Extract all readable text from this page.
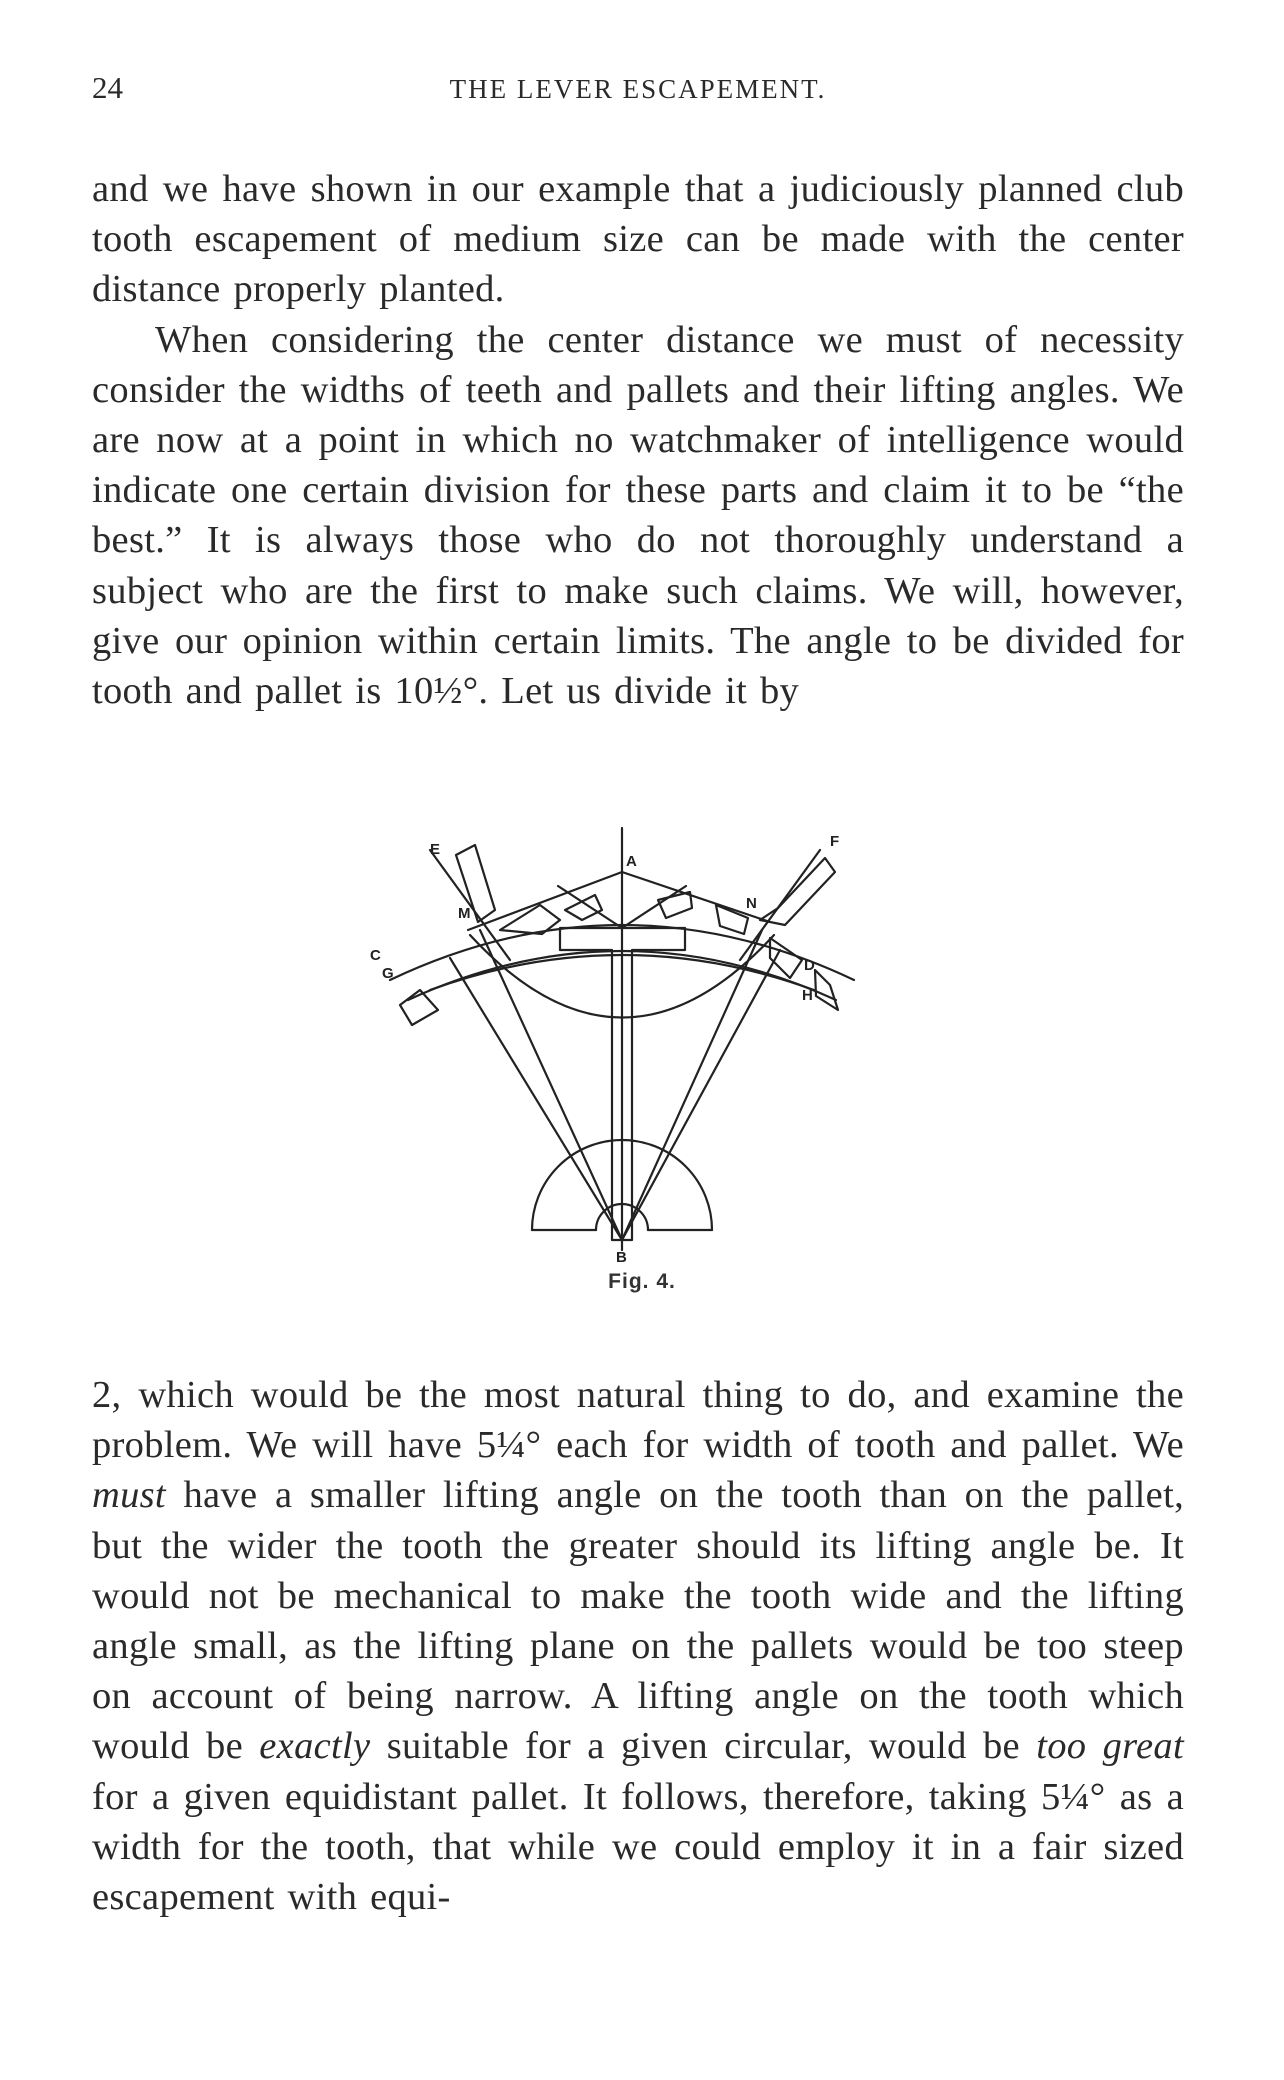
24	THE LEVER ESCAPEMENT.

and we have shown in our example that a judiciously planned club tooth escapement of medium size can be made with the center distance properly planted.

When considering the center distance we must of necessity consider the widths of teeth and pallets and their lifting angles. We are now at a point in which no watchmaker of intelligence would indicate one certain division for these parts and claim it to be “the best.” It is always those who do not thoroughly understand a subject who are the first to make such claims. We will, however, give our opinion within certain limits. The angle to be divided for tooth and pallet is 10½°. Let us divide it by

A
B
C
D
E	F
G
H
M
N
Fig. 4.

2, which would be the most natural thing to do, and examine the problem. We will have 5¼° each for width of tooth and pallet. We must have a smaller lifting angle on the tooth than on the pallet, but the wider the tooth the greater should its lifting angle be. It would not be mechanical to make the tooth wide and the lifting angle small, as the lifting plane on the pallets would be too steep on account of being narrow. A lifting angle on the tooth which would be exactly suitable for a given circular, would be too great for a given equidistant pallet. It follows, therefore, taking 5¼° as a width for the tooth, that while we could employ it in a fair sized escapement with equi-
